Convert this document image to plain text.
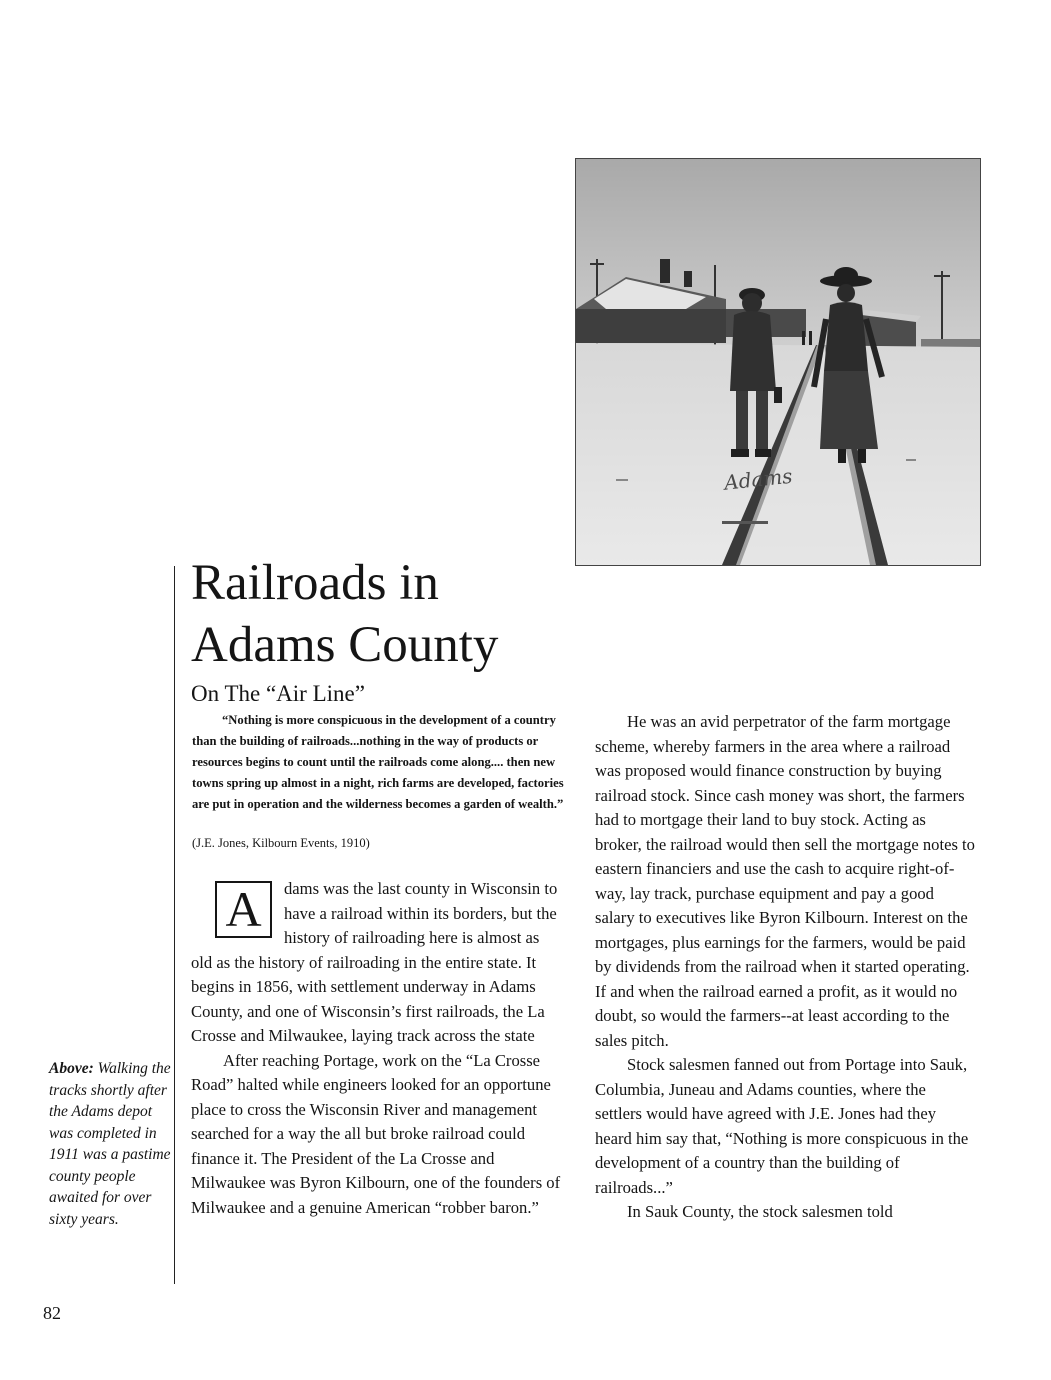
Adams
Railroads in
Adams County
On The “Air Line”

“Nothing is more conspicuous in the development of a country than the building of railroads...nothing in the way of products or resources begins to count until the railroads come along.... then new towns spring up almost in a night, rich farms are developed, factories are put in operation and the wilderness becomes a garden of wealth.”

(J.E. Jones, Kilbourn Events, 1910)

A	dams was the last county in Wisconsin to have a railroad within its borders, but the history of railroading here is almost as old as the history of railroading in the entire state. It begins in 1856, with settlement underway in Adams County, and one of Wisconsin’s first railroads, the La Crosse and Milwaukee, laying track across the state

After reaching Portage, work on the “La Crosse Road” halted while engineers looked for an opportune place to cross the Wisconsin River and management searched for a way the all but broke railroad could finance it. The President of the La Crosse and Milwaukee was Byron Kilbourn, one of the founders of Milwaukee and a genuine American “robber baron.”

He was an avid perpetrator of the farm mortgage scheme, whereby farmers in the area where a railroad was proposed would finance construction by buying railroad stock. Since cash money was short, the farmers had to mortgage their land to buy stock. Acting as broker, the railroad would then sell the mortgage notes to eastern financiers and use the cash to acquire right-of-way, lay track, purchase equipment and pay a good salary to executives like Byron Kilbourn. Interest on the mortgages, plus earnings for the farmers, would be paid by dividends from the railroad when it started operating. If and when the railroad earned a profit, as it would no doubt, so would the farmers--at least according to the sales pitch.

Stock salesmen fanned out from Portage into Sauk, Columbia, Juneau and Adams counties, where the settlers would have agreed with J.E. Jones had they heard him say that, “Nothing is more conspicuous in the development of a country than the building of railroads...”

In Sauk County, the stock salesmen told

Above: Walking the tracks shortly after the Adams depot was completed in 1911 was a pastime county people awaited for over sixty years.

82
